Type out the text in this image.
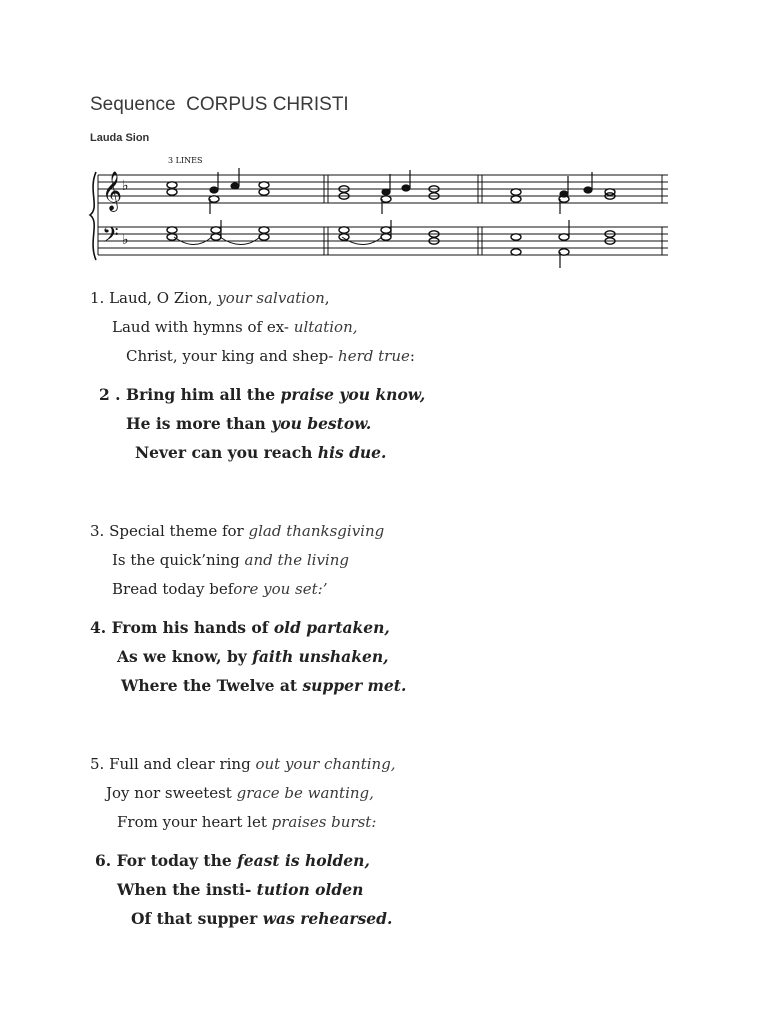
Sequence  CORPUS CHRISTI
Lauda Sion
𝄞
𝄢
♭
♭
3 LINES
1. Laud, O Zion, your salvation,
Laud with hymns of ex- ultation,
Christ, your king and shep- herd true:
2 . Bring him all the praise you know,
He is more than you bestow.
Never can you reach his due.
3. Special theme for glad thanksgiving
Is the quick’ning and the living
Bread today before you set:’
4. From his hands of old partaken,
As we know, by faith unshaken,
Where the Twelve at supper met.
5. Full and clear ring out your chanting,
Joy nor sweetest grace be wanting,
From your heart let praises burst:
6. For today the feast is holden,
When the insti- tution olden
Of that supper was rehearsed.
